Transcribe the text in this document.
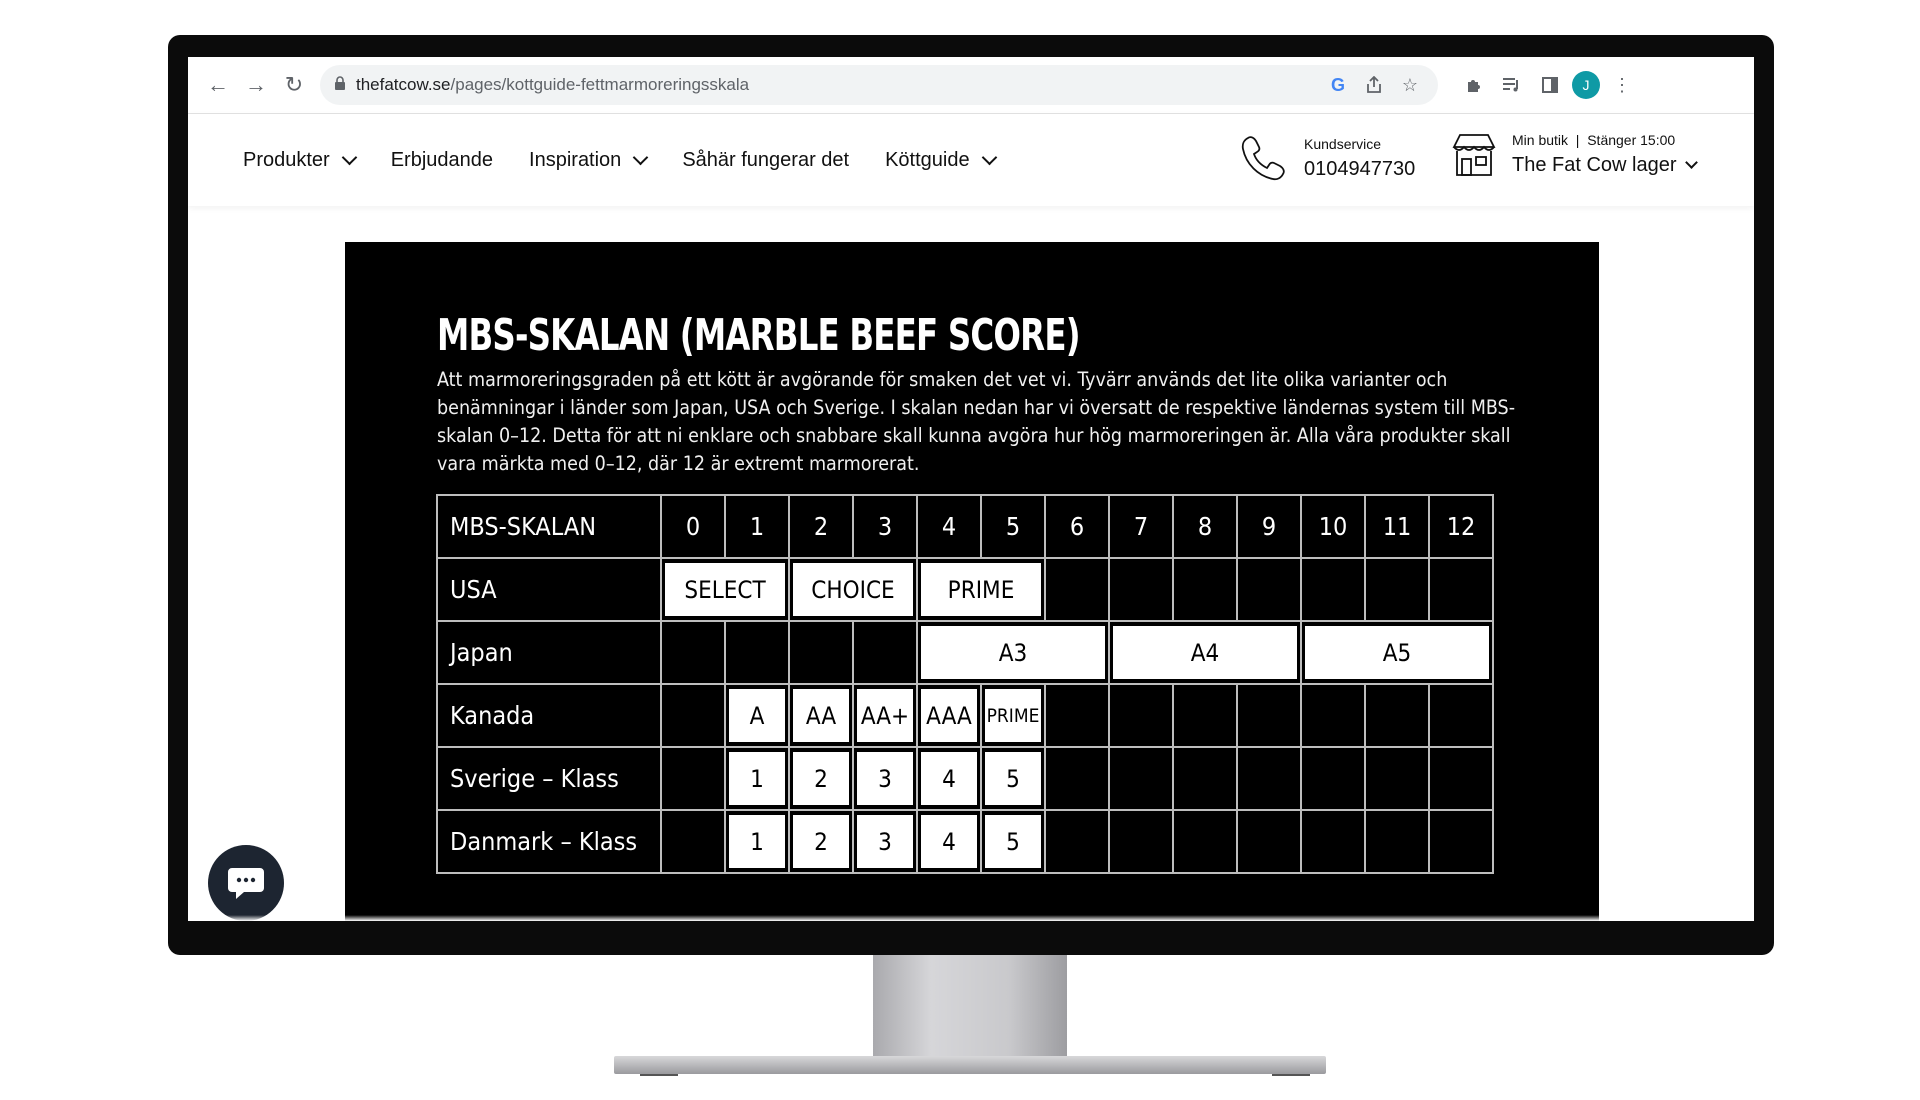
← → ↻	thefatcow.se/pages/kottguide-fettmarmoreringsskala	G	☆	J	⋮
Produkter	Erbjudande Inspiration	Såhär fungerar det Köttguide
Kundservice
0104947730
Min butik  |  Stänger 15:00
The Fat Cow lager
MBS-SKALAN (MARBLE BEEF SCORE)
Att marmoreringsgraden på ett kött är avgörande för smaken det vet vi. Tyvärr används det lite olika varianter och benämningar i länder som Japan, USA och Sverige. I skalan nedan har vi översatt de respektive ländernas system till MBS-skalan 0–12. Detta för att ni enklare och snabbare skall kunna avgöra hur hög marmoreringen är. Alla våra produkter skall vara märkta med 0–12, där 12 är extremt marmorerat.
MBS-SKALAN	0	1	2	3	4	5	6	7	8	9	10	11	12
USA	SELECT		CHOICE		PRIME								

Japan					A3			A4			A5		

Kanada		A	AA	AA+	AAA	PRIME							

Sverige – Klass		1	2	3	4	5							

Danmark – Klass		1	2	3	4	5							
